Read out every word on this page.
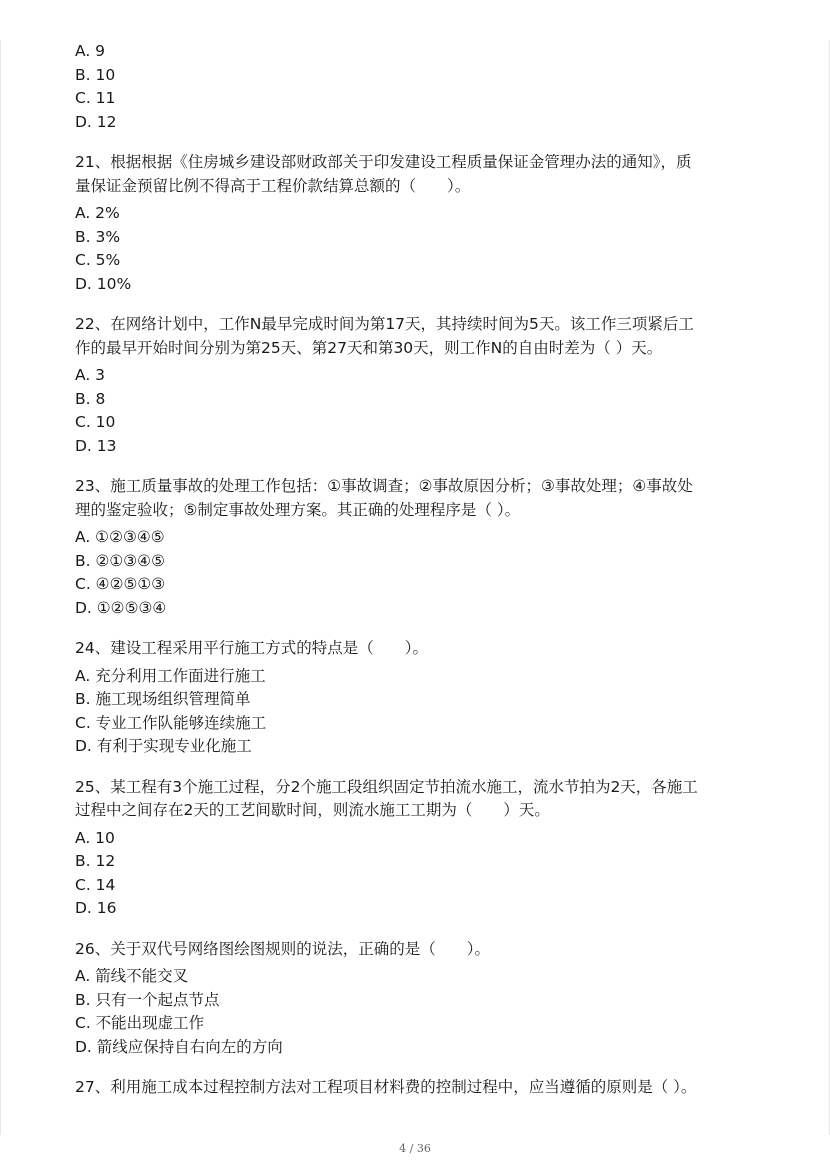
A. 9
B. 10
C. 11
D. 12
21、根据根据《住房城乡建设部财政部关于印发建设工程质量保证金管理办法的通知》，质
量保证金预留比例不得高于工程价款结算总额的（　　）。
A. 2%
B. 3%
C. 5%
D. 10%
22、在网络计划中，工作N最早完成时间为第17天，其持续时间为5天。该工作三项紧后工
作的最早开始时间分别为第25天、第27天和第30天，则工作N的自由时差为（ ）天。
A. 3
B. 8
C. 10
D. 13
23、施工质量事故的处理工作包括：①事故调查；②事故原因分析；③事故处理；④事故处
理的鉴定验收；⑤制定事故处理方案。其正确的处理程序是（ ）。
A. ①②③④⑤
B. ②①③④⑤
C. ④②⑤①③
D. ①②⑤③④
24、建设工程采用平行施工方式的特点是（　　）。
A. 充分利用工作面进行施工
B. 施工现场组织管理简单
C. 专业工作队能够连续施工
D. 有利于实现专业化施工
25、某工程有3个施工过程，分2个施工段组织固定节拍流水施工，流水节拍为2天，各施工
过程中之间存在2天的工艺间歇时间，则流水施工工期为（　　）天。
A. 10
B. 12
C. 14
D. 16
26、关于双代号网络图绘图规则的说法，正确的是（　　）。
A. 箭线不能交叉
B. 只有一个起点节点
C. 不能出现虚工作
D. 箭线应保持自右向左的方向
27、利用施工成本过程控制方法对工程项目材料费的控制过程中，应当遵循的原则是（ ）。
4 / 36
